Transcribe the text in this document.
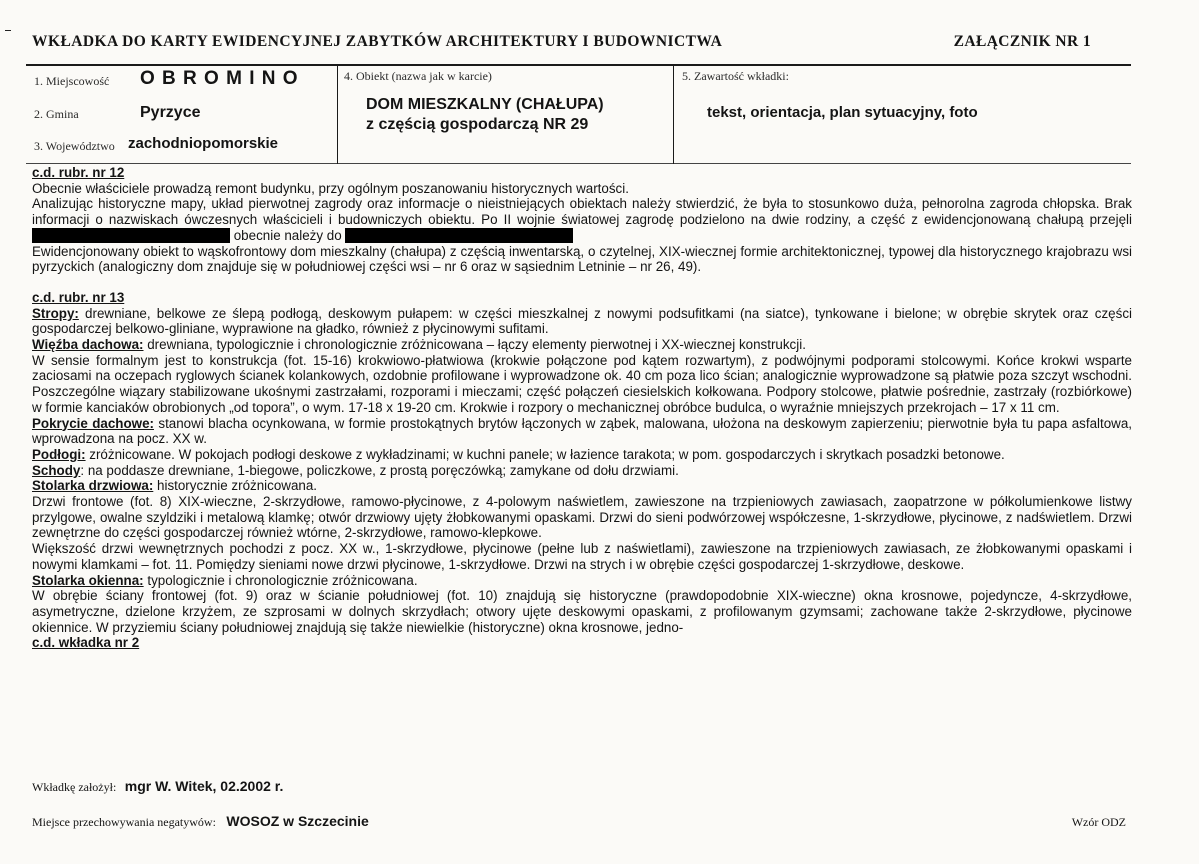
WKŁADKA DO KARTY EWIDENCYJNEJ ZABYTKÓW ARCHITEKTURY I BUDOWNICTWA	ZAŁĄCZNIK NR 1
1. Miejscowość O B R O M I N O
2. Gmina	Pyrzyce
3. Województwo zachodniopomorskie
4. Obiekt (nazwa jak w karcie)
DOM MIESZKALNY (CHAŁUPA)
z częścią gospodarczą NR 29
5. Zawartość wkładki:
tekst, orientacja, plan sytuacyjny, foto

c.d. rubr. nr 12

Obecnie właściciele prowadzą remont budynku, przy ogólnym poszanowaniu historycznych wartości.

Analizując historyczne mapy, układ pierwotnej zagrody oraz informacje o nieistniejących obiektach należy stwierdzić, że była to stosunkowo duża, pełnorolna zagroda chłopska. Brak informacji o nazwiskach ówczesnych właścicieli i budowniczych obiektu. Po II wojnie światowej zagrodę podzielono na dwie rodziny, a część z ewidencjonowaną chałupą przejęli  obecnie należy do

Ewidencjonowany obiekt to wąskofrontowy dom mieszkalny (chałupa) z częścią inwentarską, o czytelnej, XIX-wiecznej formie architektonicznej, typowej dla historycznego krajobrazu wsi pyrzyckich (analogiczny dom znajduje się w południowej części wsi – nr 6 oraz w sąsiednim Letninie – nr 26, 49).

c.d. rubr. nr 13

Stropy: drewniane, belkowe ze ślepą podłogą, deskowym pułapem: w części mieszkalnej z nowymi podsufitkami (na siatce), tynkowane i bielone; w obrębie skrytek oraz części gospodarczej belkowo-gliniane, wyprawione na gładko, również z płycinowymi sufitami.

Więźba dachowa: drewniana, typologicznie i chronologicznie zróżnicowana – łączy elementy pierwotnej i XX-wiecznej konstrukcji.

W sensie formalnym jest to konstrukcja (fot. 15-16) krokwiowo-płatwiowa (krokwie połączone pod kątem rozwartym), z podwójnymi podporami stolcowymi. Końce krokwi wsparte zaciosami na oczepach ryglowych ścianek kolankowych, ozdobnie profilowane i wyprowadzone ok. 40 cm poza lico ścian; analogicznie wyprowadzone są płatwie poza szczyt wschodni. Poszczególne wiązary stabilizowane ukośnymi zastrzałami, rozporami i mieczami; część połączeń ciesielskich kołkowana. Podpory stolcowe, płatwie pośrednie, zastrzały (rozbiórkowe) w formie kanciaków obrobionych „od topora”, o wym. 17-18 x 19-20 cm. Krokwie i rozpory o mechanicznej obróbce budulca, o wyraźnie mniejszych przekrojach – 17 x 11 cm.

Pokrycie dachowe: stanowi blacha ocynkowana, w formie prostokątnych brytów łączonych w ząbek, malowana, ułożona na deskowym zapierzeniu; pierwotnie była tu papa asfaltowa, wprowadzona na pocz. XX w.

Podłogi: zróżnicowane. W pokojach podłogi deskowe z wykładzinami; w kuchni panele; w łazience tarakota; w pom. gospodarczych i skrytkach posadzki betonowe.

Schody: na poddasze drewniane, 1-biegowe, policzkowe, z prostą poręczówką; zamykane od dołu drzwiami.

Stolarka drzwiowa: historycznie zróżnicowana.

Drzwi frontowe (fot. 8) XIX-wieczne, 2-skrzydłowe, ramowo-płycinowe, z 4-polowym naświetlem, zawieszone na trzpieniowych zawiasach, zaopatrzone w półkolumienkowe listwy przylgowe, owalne szyldziki i metalową klamkę; otwór drzwiowy ujęty żłobkowanymi opaskami. Drzwi do sieni podwórzowej współczesne, 1-skrzydłowe, płycinowe, z nadświetlem. Drzwi zewnętrzne do części gospodarczej również wtórne, 2-skrzydłowe, ramowo-klepkowe.

Większość drzwi wewnętrznych pochodzi z pocz. XX w., 1-skrzydłowe, płycinowe (pełne lub z naświetlami), zawieszone na trzpieniowych zawiasach, ze żłobkowanymi opaskami i nowymi klamkami – fot. 11. Pomiędzy sieniami nowe drzwi płycinowe, 1-skrzydłowe. Drzwi na strych i w obrębie części gospodarczej 1-skrzydłowe, deskowe.

Stolarka okienna: typologicznie i chronologicznie zróżnicowana.

W obrębie ściany frontowej (fot. 9) oraz w ścianie południowej (fot. 10) znajdują się historyczne (prawdopodobnie XIX-wieczne) okna krosnowe, pojedyncze, 4-skrzydłowe, asymetryczne, dzielone krzyżem, ze szprosami w dolnych skrzydłach; otwory ujęte deskowymi opaskami, z profilowanym gzymsami; zachowane także 2-skrzydłowe, płycinowe okiennice. W przyziemiu ściany południowej znajdują się także niewielkie (historyczne) okna krosnowe, jedno-

c.d. wkładka nr 2

Wkładkę założył: mgr W. Witek, 02.2002 r.
Miejsce przechowywania negatywów: WOSOZ w Szczecinie	Wzór ODZ
